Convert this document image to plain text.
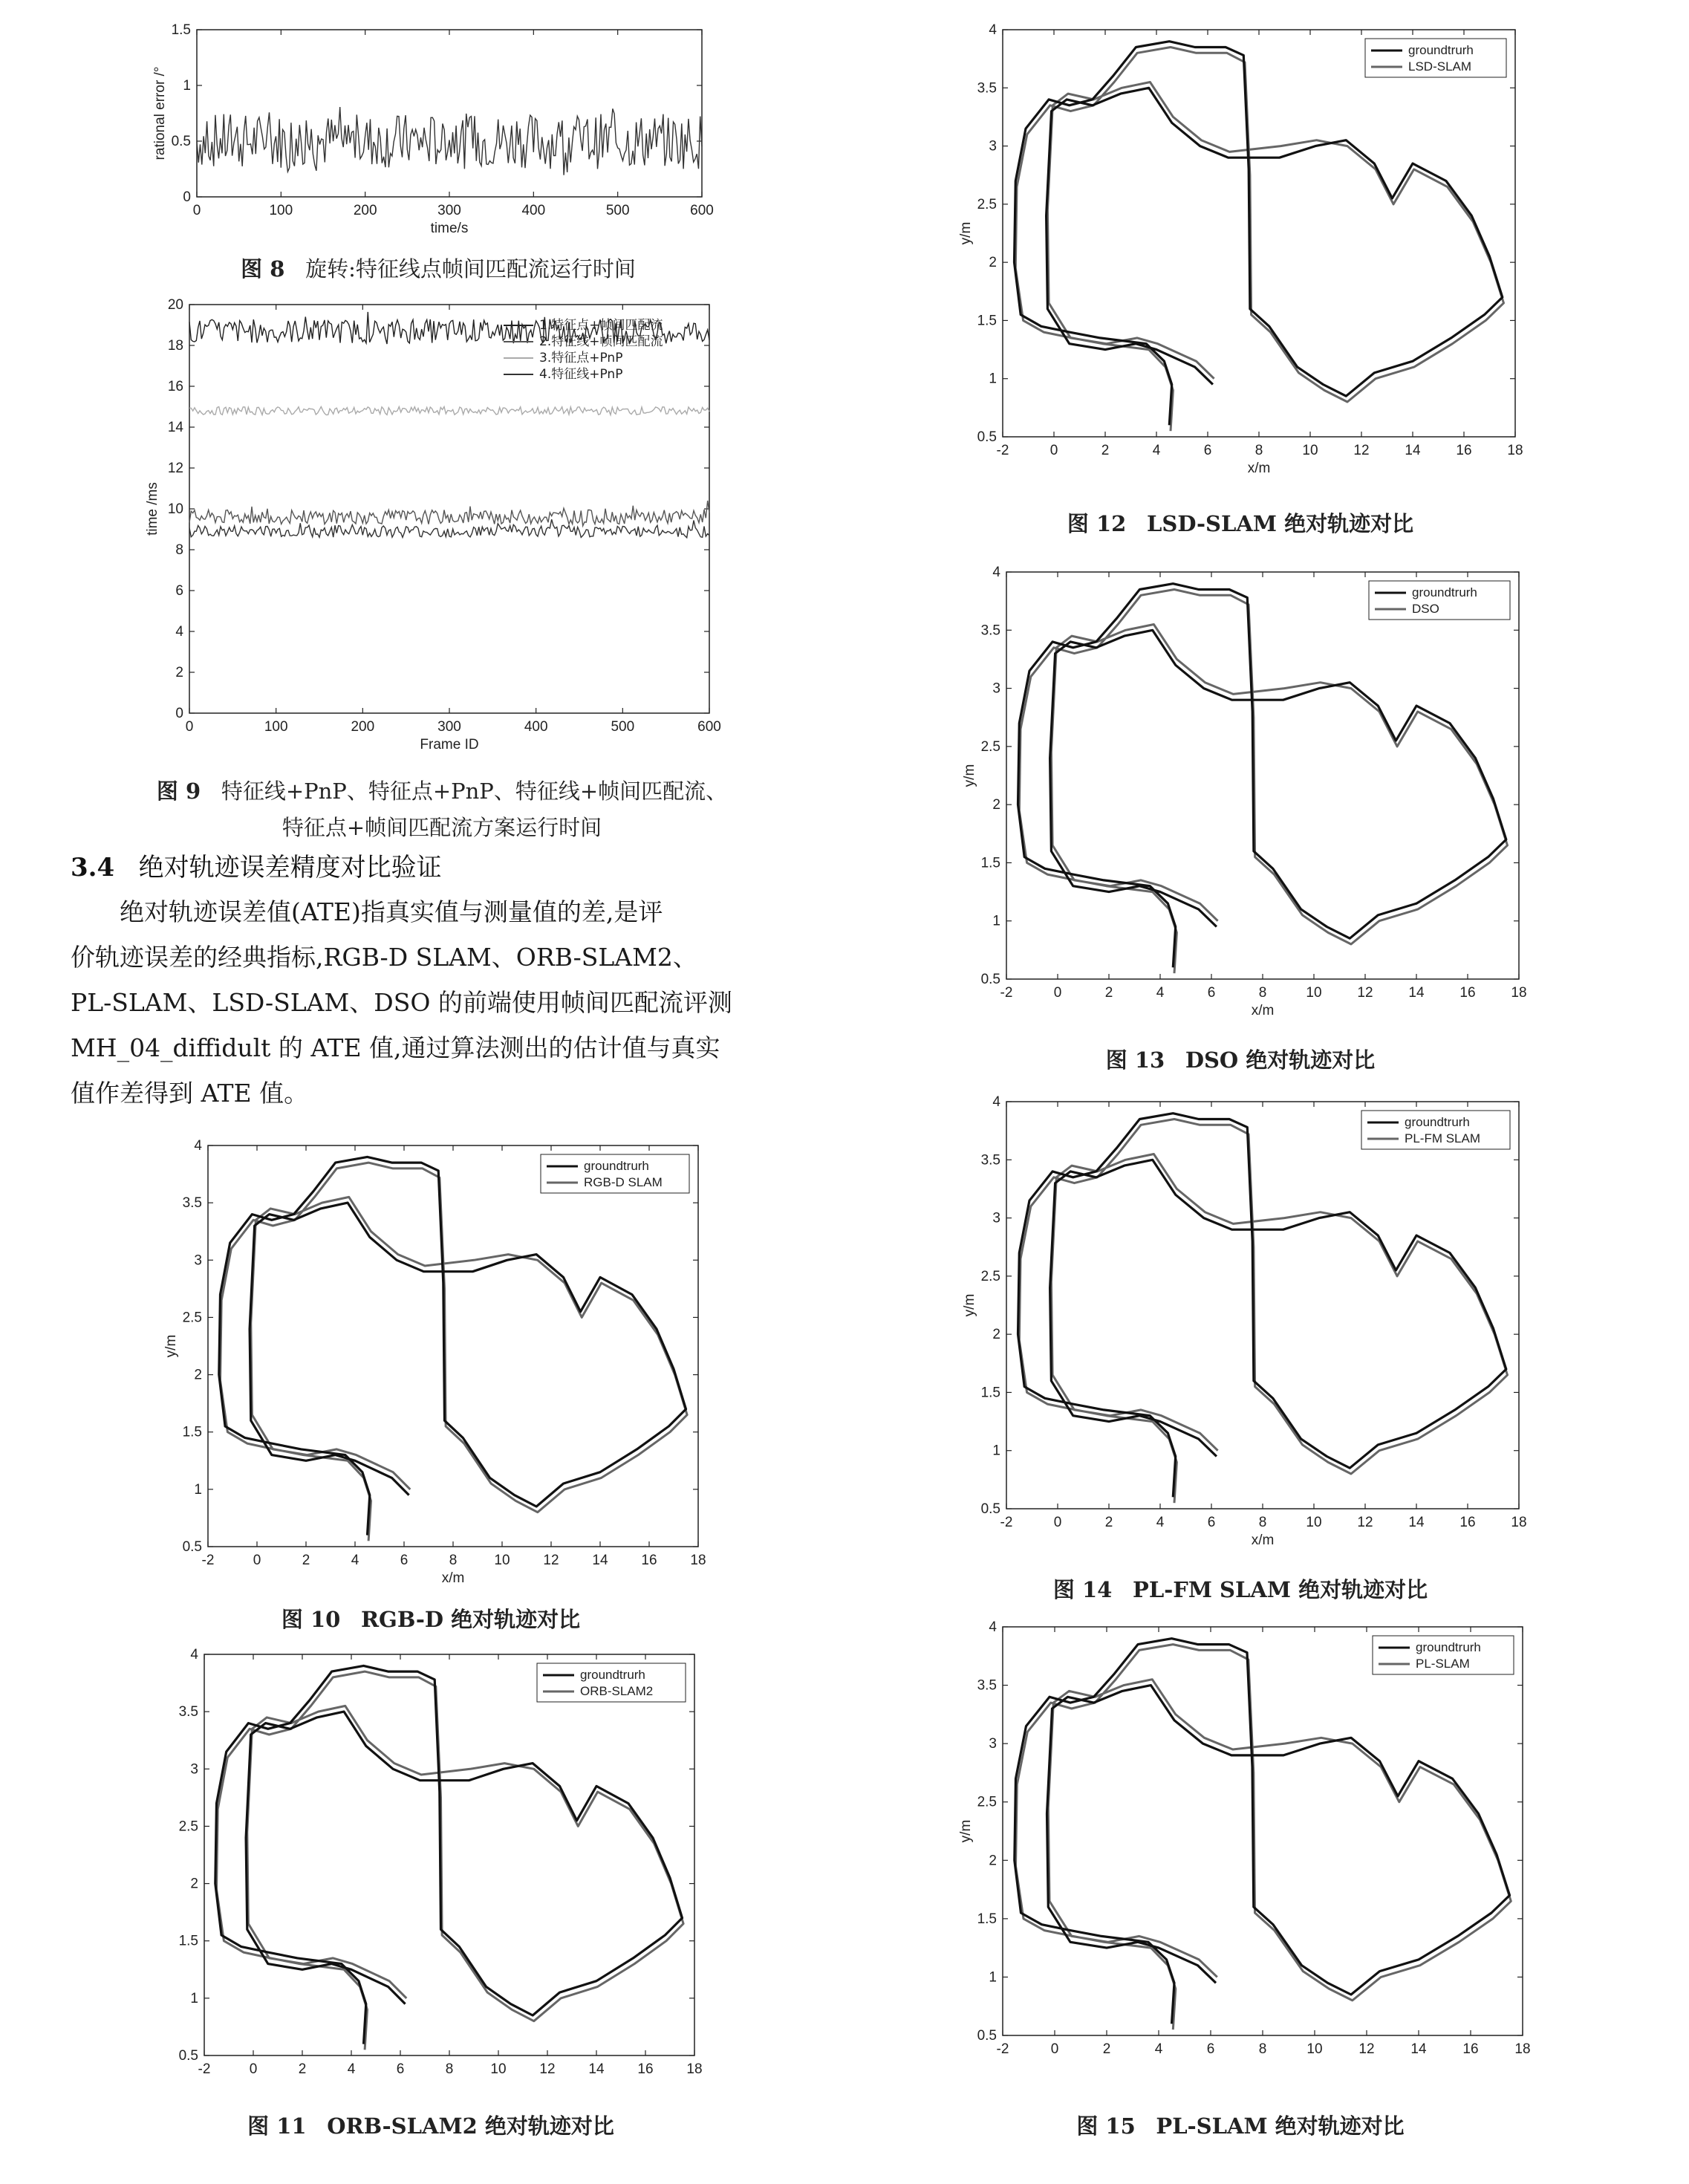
0	100	200	300	400	500	600
0
0.5
1
1.5
time/s
rational error /°
图 8 旋转:特征线点帧间匹配流运行时间
0	100	200	300	400	500	600
0
2
4
6
8
10
12
14
16
18
20
Frame ID
time /ms
1.特征点+帧间匹配流
2.特征线+帧间匹配流
3.特征点+PnP
4.特征线+PnP
图 9 特征线+PnP、特征点+PnP、特征线+帧间匹配流、
特征点+帧间匹配流方案运行时间
3.4 绝对轨迹误差精度对比验证
绝对轨迹误差值(ATE)指真实值与测量值的差,是评
价轨迹误差的经典指标,RGB-D SLAM、ORB-SLAM2、
PL-SLAM、LSD-SLAM、DSO 的前端使用帧间匹配流评测
MH_04_diffidult 的 ATE 值,通过算法测出的估计值与真实
值作差得到 ATE 值。
-2	0	2	4	6	8	10 12 14 16 18
0.5
1
1.5
2
2.5
3
3.5
4
x/m
y/m
groundtrurh
RGB-D SLAM
图 10 RGB-D 绝对轨迹对比
-2	0	2	4	6	8	10 12 14 16 18
0.5
1
1.5
2
2.5
3
3.5
4
groundtrurh
ORB-SLAM2
图 11 ORB-SLAM2 绝对轨迹对比
-2	0	2	4	6	8	10	12	14	16	18
0.5
1
1.5
2
2.5
3
3.5
4
x/m
y/m
groundtrurh
LSD-SLAM
图 12 LSD-SLAM 绝对轨迹对比
-2	0	2	4	6	8	10	12	14	16	18
0.5
1
1.5
2
2.5
3
3.5
4
x/m
y/m
groundtrurh
DSO
图 13 DSO 绝对轨迹对比
-2	0	2	4	6	8	10	12	14	16	18
0.5
1
1.5
2
2.5
3
3.5
4
x/m
y/m
groundtrurh
PL-FM SLAM
图 14 PL-FM SLAM 绝对轨迹对比
-2	0	2	4	6	8	10	12	14	16	18
0.5
1
1.5
2
2.5
3
3.5
4
y/m
groundtrurh
PL-SLAM
图 15 PL-SLAM 绝对轨迹对比
